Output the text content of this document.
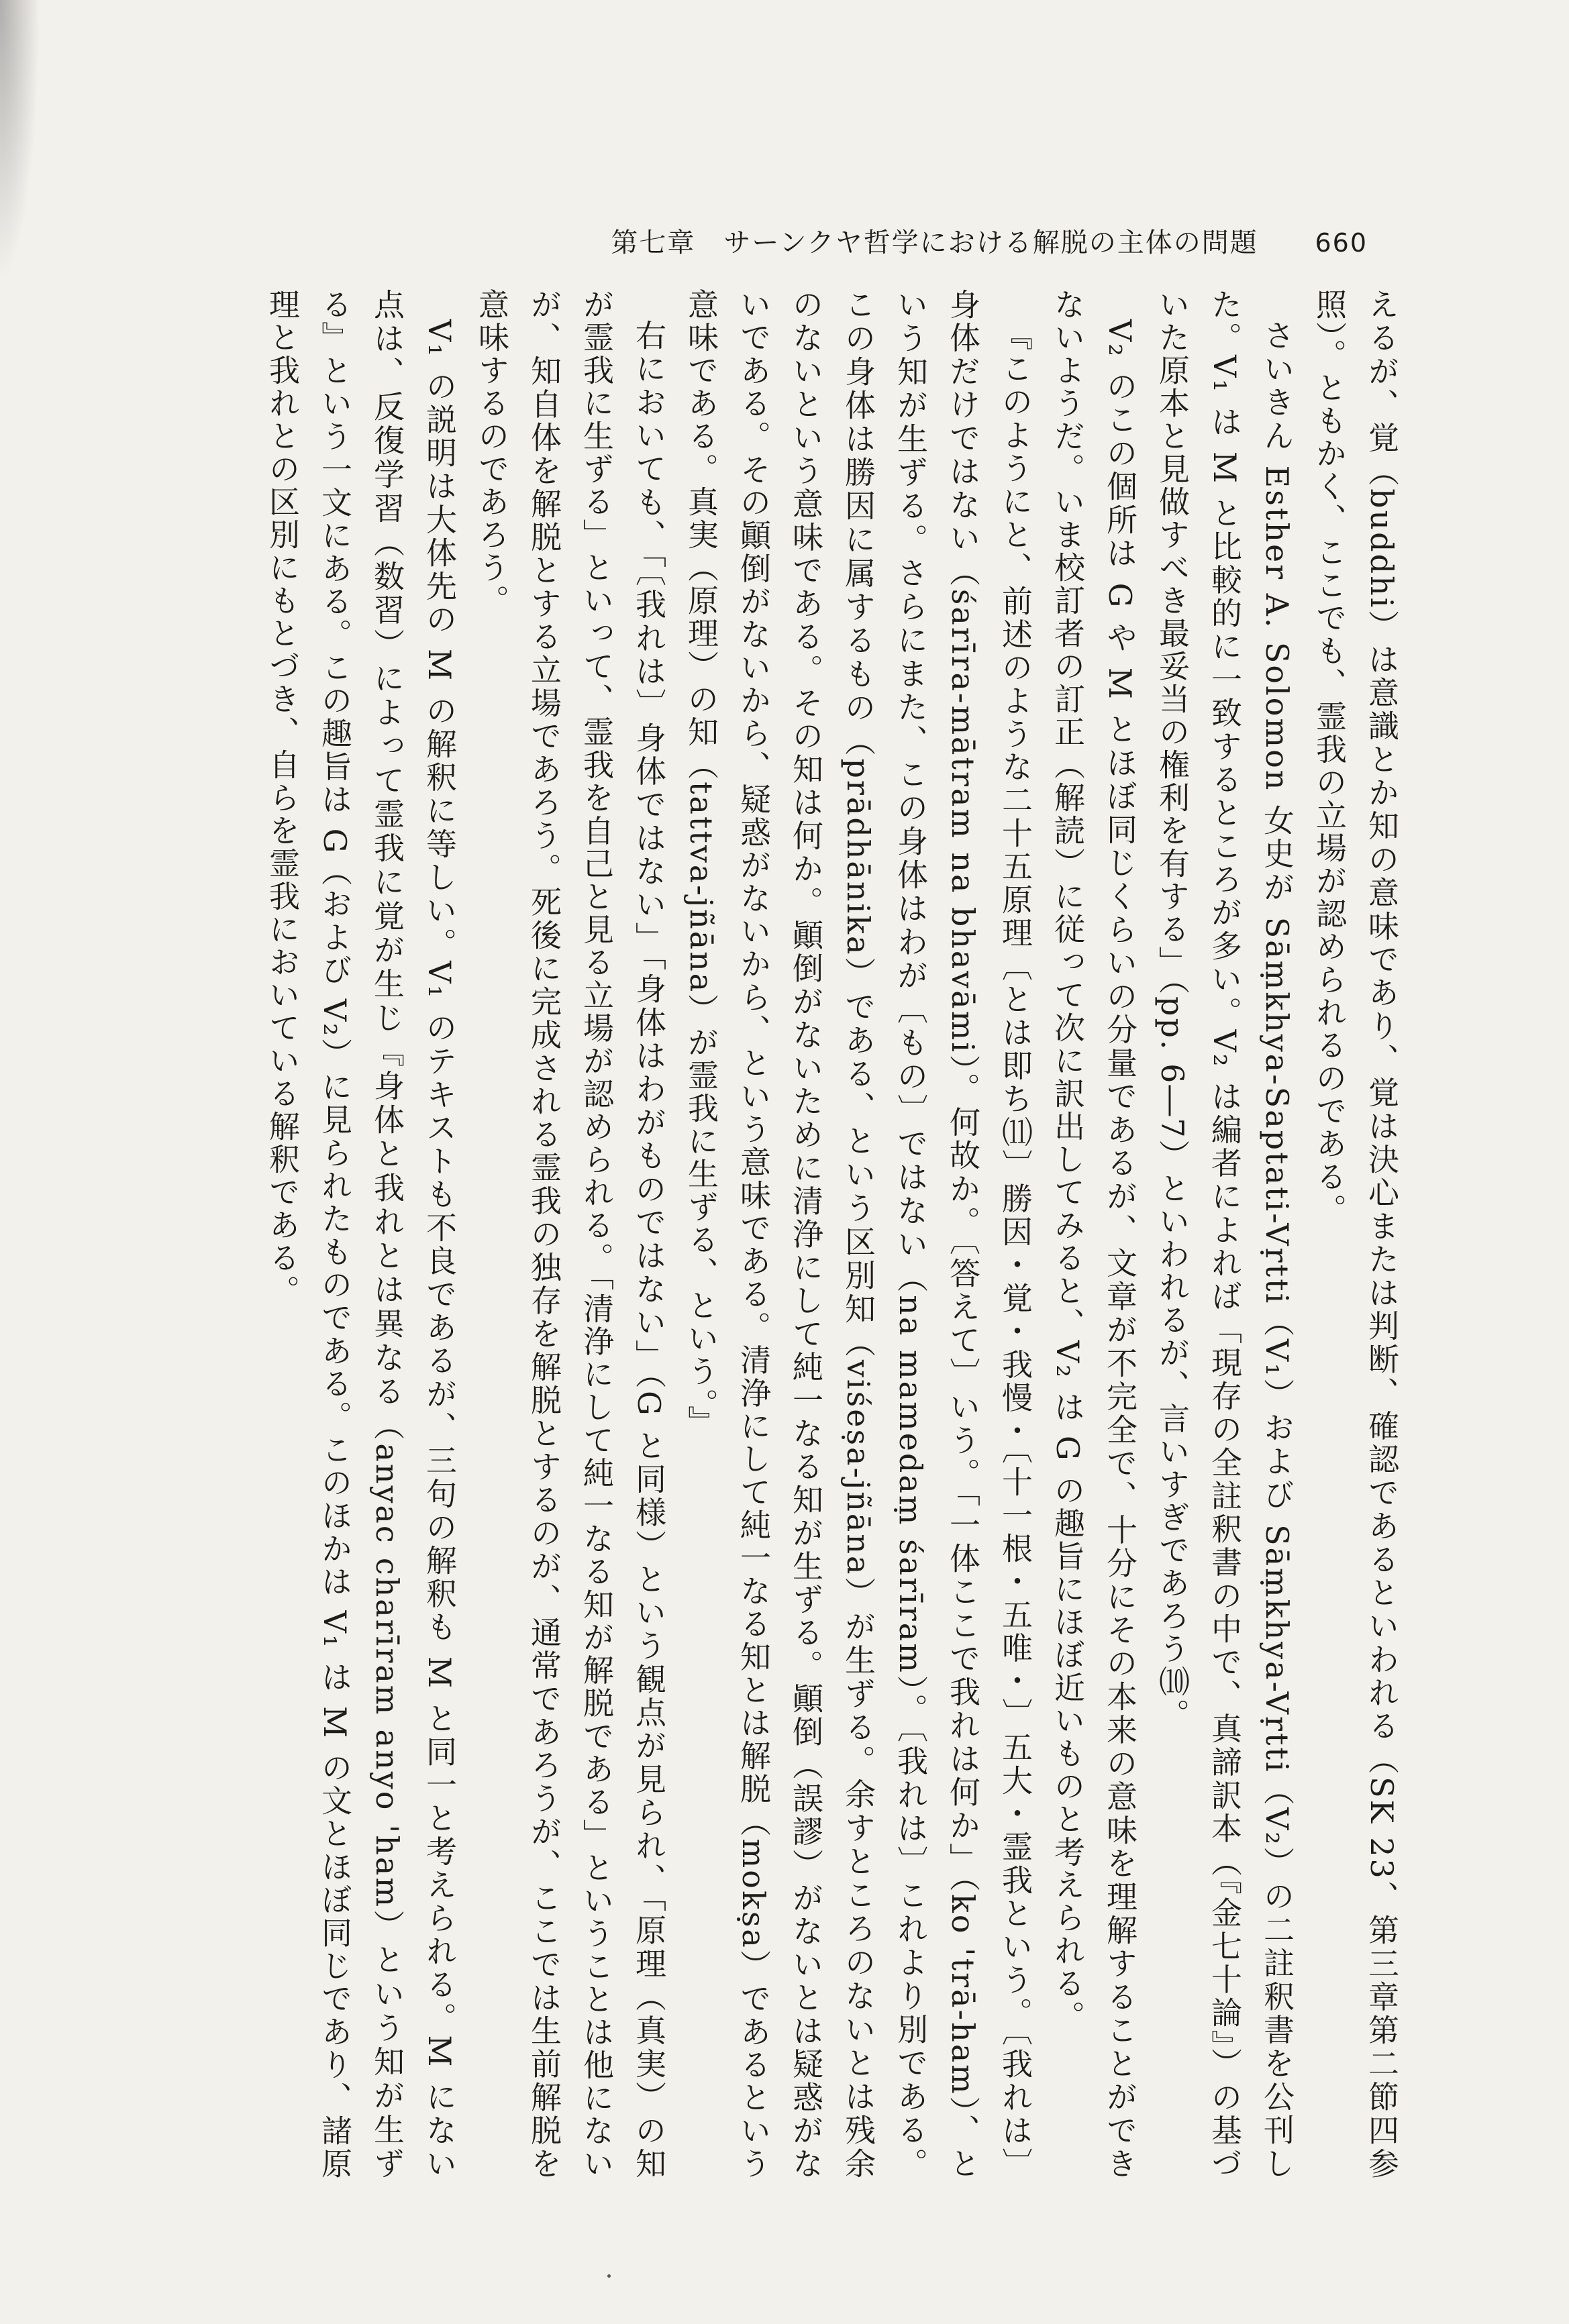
第七章　サーンクヤ哲学における解脱の主体の問題 660

えるが、覚（buddhi）は意識とか知の意味であり、覚は決心または判断、確認であるといわれる（SK 23、第三章第二節四参照）。ともかく、ここでも、霊我の立場が認められるのである。

さいきん Esther A. Solomon 女史が Sāṃkhya-Saptati-Vṛtti（V₁）および Sāṃkhya-Vṛtti（V₂）の二註釈書を公刊した。V₁ は M と比較的に一致するところが多い。V₂ は編者によれば「現存の全註釈書の中で、真諦訳本（『金七十論』）の基づいた原本と見做すべき最妥当の権利を有する」（pp. 6―7）といわれるが、言いすぎであろう⑽。

V₂ のこの個所は G や M とほぼ同じくらいの分量であるが、文章が不完全で、十分にその本来の意味を理解することができないようだ。いま校訂者の訂正（解読）に従って次に訳出してみると、V₂ は G の趣旨にほぼ近いものと考えられる。

『このようにと、前述のような二十五原理〔とは即ち⑾〕勝因・覚・我慢・〔十一根・五唯・〕五大・霊我という。〔我れは〕身体だけではない（śarīra-mātram na bhavāmi）。何故か。〔答えて〕いう。「一体ここで我れは何か」（ko 'trā-ham）、という知が生ずる。さらにまた、この身体はわが〔もの〕ではない（na mamedaṃ śarīram）。〔我れは〕これより別である。この身体は勝因に属するもの（prādhānika）である、という区別知（viśeṣa-jñāna）が生ずる。余すところのないとは残余のないという意味である。その知は何か。顚倒がないために清浄にして純一なる知が生ずる。顚倒（誤謬）がないとは疑惑がないである。その顚倒がないから、疑惑がないから、という意味である。清浄にして純一なる知とは解脱（mokṣa）であるという意味である。真実（原理）の知（tattva-jñāna）が霊我に生ずる、という。』

右においても、「〔我れは〕身体ではない」「身体はわがものではない」（G と同様）という観点が見られ、「原理（真実）の知が霊我に生ずる」といって、霊我を自己と見る立場が認められる。「清浄にして純一なる知が解脱である」ということは他にないが、知自体を解脱とする立場であろう。死後に完成される霊我の独存を解脱とするのが、通常であろうが、ここでは生前解脱を意味するのであろう。

V₁ の説明は大体先の M の解釈に等しい。V₁ のテキストも不良であるが、三句の解釈も M と同一と考えられる。M にない点は、反復学習（数習）によって霊我に覚が生じ『身体と我れとは異なる（anyac charīram anyo 'ham）という知が生ずる』という一文にある。この趣旨は G（および V₂）に見られたものである。このほかは V₁ は M の文とほぼ同じであり、諸原理と我れとの区別にもとづき、自らを霊我においている解釈である。
